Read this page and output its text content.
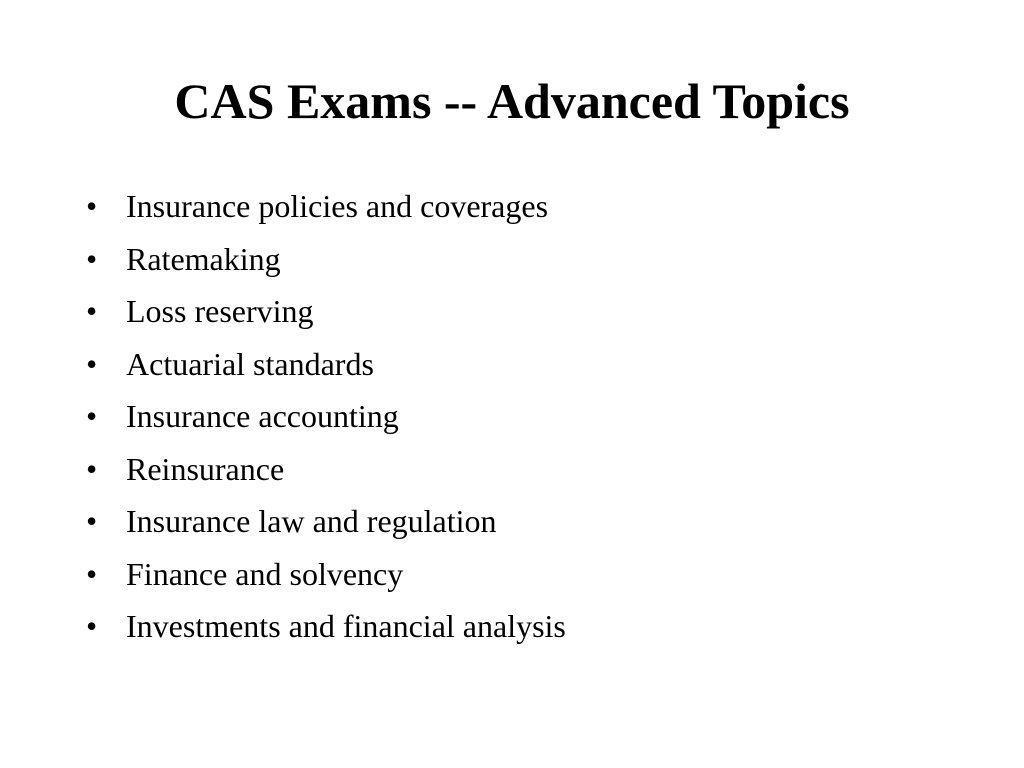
CAS Exams -- Advanced Topics
• Insurance policies and coverages
• Ratemaking
• Loss reserving
• Actuarial standards
• Insurance accounting
• Reinsurance
• Insurance law and regulation
• Finance and solvency
• Investments and financial analysis
